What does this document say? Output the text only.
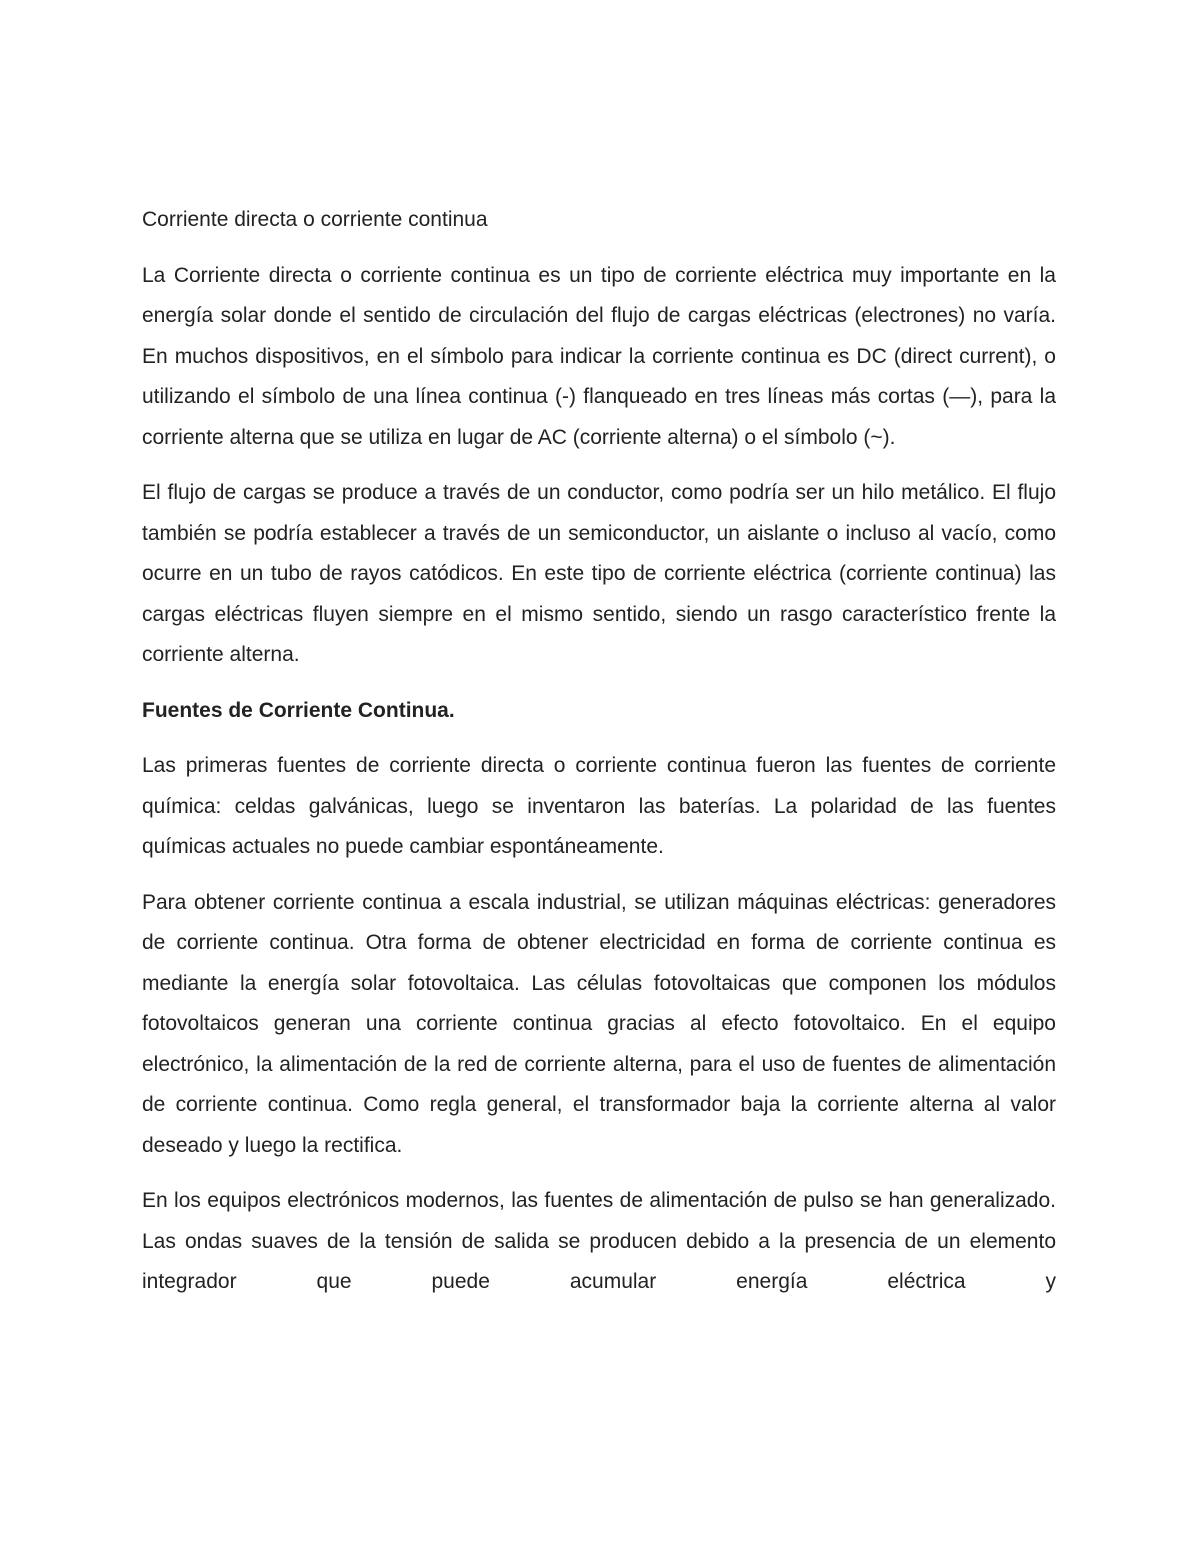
Corriente directa o corriente continua

La Corriente directa o corriente continua es un tipo de corriente eléctrica muy importante en la energía solar donde el sentido de circulación del flujo de cargas eléctricas (electrones) no varía. En muchos dispositivos, en el símbolo para indicar la corriente continua es DC (direct current), o utilizando el símbolo de una línea continua (-) flanqueado en tres líneas más cortas (—), para la corriente alterna que se utiliza en lugar de AC (corriente alterna) o el símbolo (~).

El flujo de cargas se produce a través de un conductor, como podría ser un hilo metálico. El flujo también se podría establecer a través de un semiconductor, un aislante o incluso al vacío, como ocurre en un tubo de rayos catódicos. En este tipo de corriente eléctrica (corriente continua) las cargas eléctricas fluyen siempre en el mismo sentido, siendo un rasgo característico frente la corriente alterna.

Fuentes de Corriente Continua.

Las primeras fuentes de corriente directa o corriente continua fueron las fuentes de corriente química: celdas galvánicas, luego se inventaron las baterías. La polaridad de las fuentes químicas actuales no puede cambiar espontáneamente.

Para obtener corriente continua a escala industrial, se utilizan máquinas eléctricas: generadores de corriente continua. Otra forma de obtener electricidad en forma de corriente continua es mediante la energía solar fotovoltaica. Las células fotovoltaicas que componen los módulos fotovoltaicos generan una corriente continua gracias al efecto fotovoltaico. En el equipo electrónico, la alimentación de la red de corriente alterna, para el uso de fuentes de alimentación de corriente continua. Como regla general, el transformador baja la corriente alterna al valor deseado y luego la rectifica.

En los equipos electrónicos modernos, las fuentes de alimentación de pulso se han generalizado. Las ondas suaves de la tensión de salida se producen debido a la presencia de un elemento integrador que puede acumular energía eléctrica y
